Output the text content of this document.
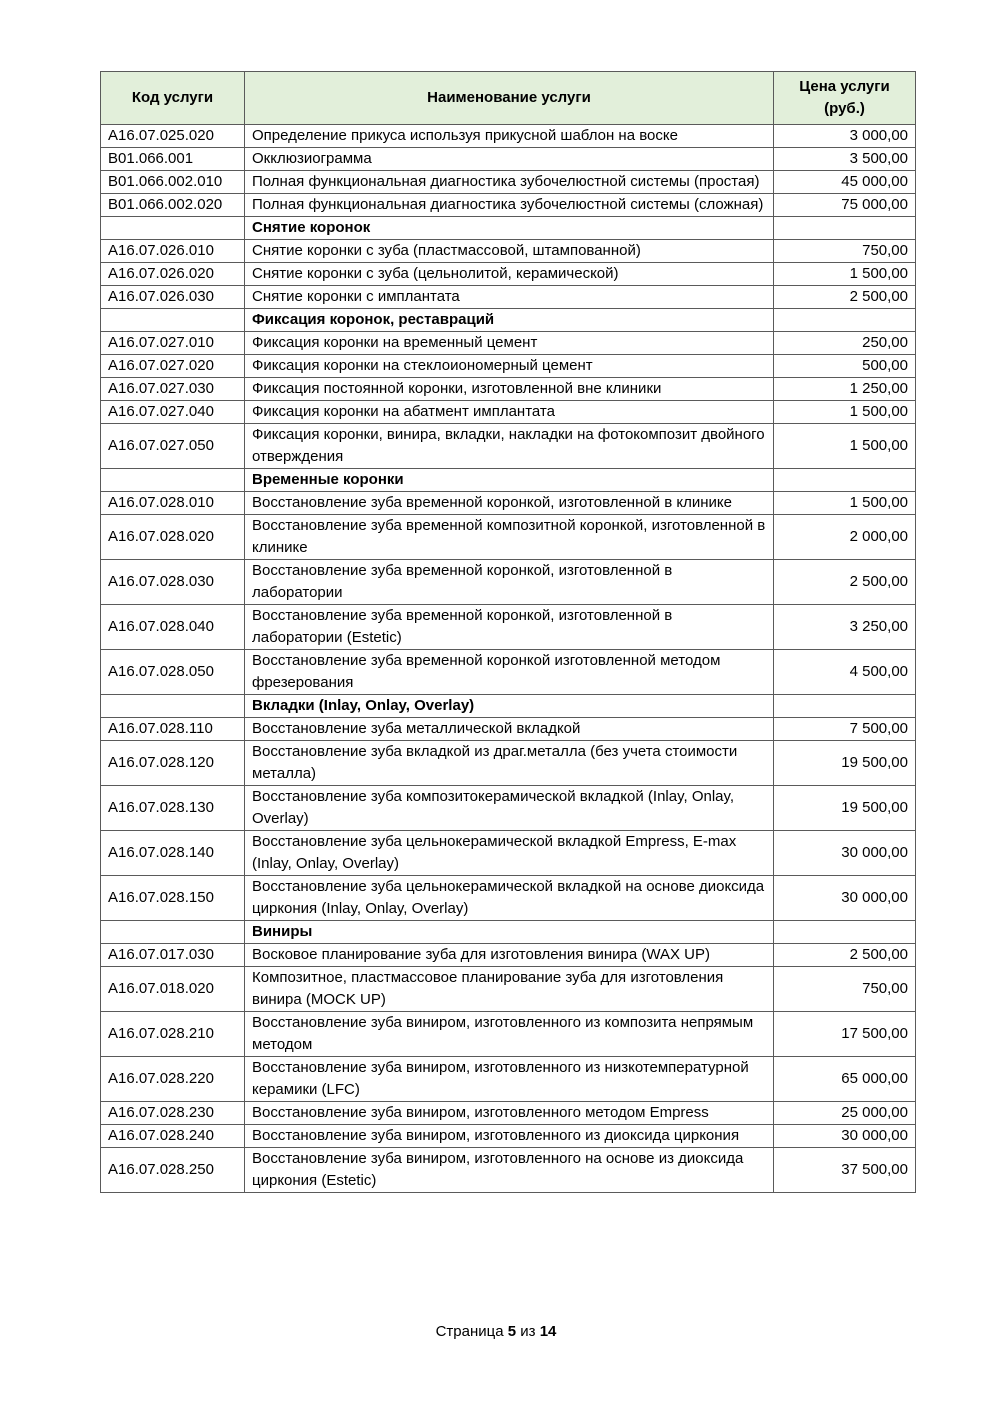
Код услуги	Наименование услуги	Цена услуги (руб.)
A16.07.025.020	Определение прикуса используя прикусной шаблон на воске	3 000,00
B01.066.001	Окклюзиограмма	3 500,00
B01.066.002.010	Полная функциональная диагностика зубочелюстной системы (простая)	45 000,00
B01.066.002.020	Полная функциональная диагностика зубочелюстной системы (сложная)	75 000,00
	Снятие коронок	
A16.07.026.010	Снятие коронки с зуба (пластмассовой, штампованной)	750,00
A16.07.026.020	Снятие коронки с зуба (цельнолитой, керамической)	1 500,00
A16.07.026.030	Снятие коронки с имплантата	2 500,00
	Фиксация коронок, реставраций	
A16.07.027.010	Фиксация коронки на временный цемент	250,00
A16.07.027.020	Фиксация коронки на стеклоиономерный цемент	500,00
A16.07.027.030	Фиксация постоянной коронки, изготовленной вне клиники	1 250,00
A16.07.027.040	Фиксация коронки на абатмент имплантата	1 500,00
A16.07.027.050	Фиксация коронки, винира, вкладки, накладки на фотокомпозит двойного отверждения	1 500,00
	Временные коронки	
A16.07.028.010	Восстановление зуба временной коронкой, изготовленной в клинике	1 500,00
A16.07.028.020	Восстановление зуба временной композитной коронкой, изготовленной в клинике	2 000,00
A16.07.028.030	Восстановление зуба временной коронкой, изготовленной в лаборатории	2 500,00
A16.07.028.040	Восстановление зуба временной коронкой, изготовленной в лаборатории (Estetic)	3 250,00
A16.07.028.050	Восстановление зуба временной коронкой изготовленной методом фрезерования	4 500,00
	Вкладки (Inlay, Onlay, Overlay)	
A16.07.028.110	Восстановление зуба металлической вкладкой	7 500,00
A16.07.028.120	Восстановление зуба вкладкой из драг.металла (без учета стоимости металла)	19 500,00
A16.07.028.130	Восстановление зуба композитокерамической вкладкой (Inlay, Onlay, Overlay)	19 500,00
A16.07.028.140	Восстановление зуба цельнокерамической вкладкой Empress, E-max (Inlay, Onlay, Overlay)	30 000,00
A16.07.028.150	Восстановление зуба цельнокерамической вкладкой на основе диоксида циркония (Inlay, Onlay, Overlay)	30 000,00
	Виниры	
A16.07.017.030	Восковое планирование зуба для изготовления винира (WAX UP)	2 500,00
A16.07.018.020	Композитное, пластмассовое планирование зуба для изготовления винира (MOCK UP)	750,00
A16.07.028.210	Восстановление зуба виниром, изготовленного из композита непрямым методом	17 500,00
A16.07.028.220	Восстановление зуба виниром, изготовленного из низкотемпературной керамики (LFC)	65 000,00
A16.07.028.230	Восстановление зуба виниром, изготовленного методом Empress	25 000,00
A16.07.028.240	Восстановление зуба виниром, изготовленного из диоксида циркония	30 000,00
A16.07.028.250	Восстановление зуба виниром, изготовленного на основе из диоксида циркония (Estetic)	37 500,00
Страница 5 из 14
